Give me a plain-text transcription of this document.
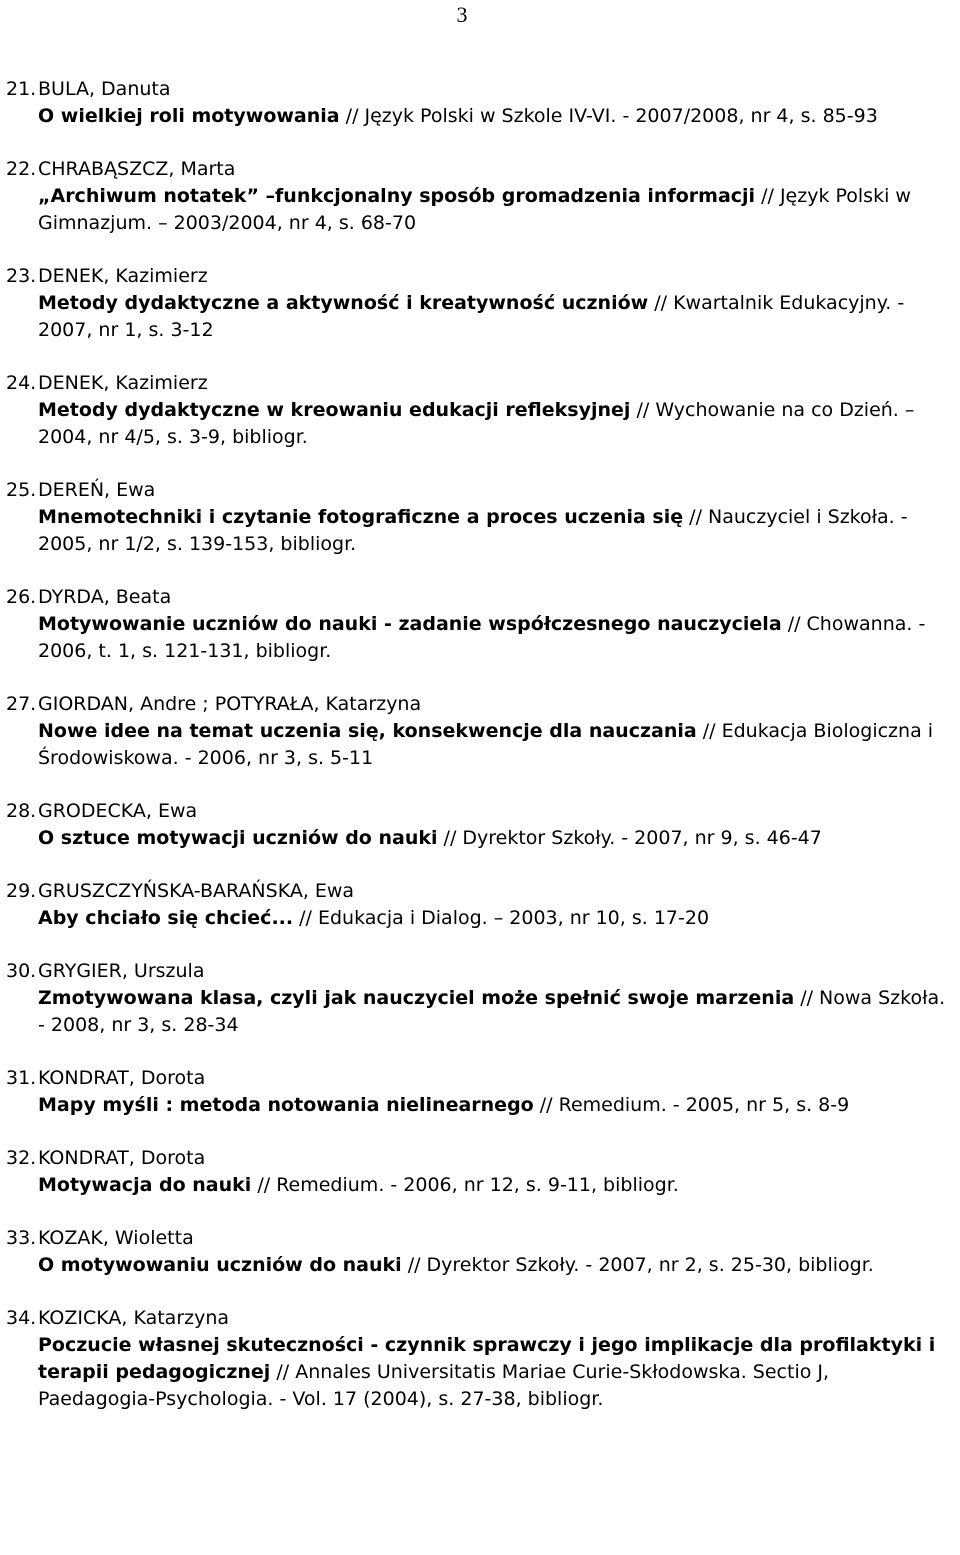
3
21. BULA, Danuta
O wielkiej roli motywowania // Język Polski w Szkole IV-VI. - 2007/2008, nr 4, s. 85-93
22. CHRABĄSZCZ, Marta
„Archiwum notatek” –funkcjonalny sposób gromadzenia informacji // Język Polski w Gimnazjum. – 2003/2004, nr 4, s. 68-70
23. DENEK, Kazimierz
Metody dydaktyczne a aktywność i kreatywność uczniów // Kwartalnik Edukacyjny. - 2007, nr 1, s. 3-12
24. DENEK, Kazimierz
Metody dydaktyczne w kreowaniu edukacji refleksyjnej // Wychowanie na co Dzień. – 2004, nr 4/5, s. 3-9, bibliogr.
25. DEREŃ, Ewa
Mnemotechniki i czytanie fotograficzne a proces uczenia się // Nauczyciel i Szkoła. - 2005, nr 1/2, s. 139-153, bibliogr.
26. DYRDA, Beata
Motywowanie uczniów do nauki - zadanie współczesnego nauczyciela // Chowanna. - 2006, t. 1, s. 121-131, bibliogr.
27. GIORDAN, Andre ; POTYRAŁA, Katarzyna
Nowe idee na temat uczenia się, konsekwencje dla nauczania // Edukacja Biologiczna i Środowiskowa. - 2006, nr 3, s. 5-11
28. GRODECKA, Ewa
O sztuce motywacji uczniów do nauki // Dyrektor Szkoły. - 2007, nr 9, s. 46-47
29. GRUSZCZYŃSKA-BARAŃSKA, Ewa
Aby chciało się chcieć... // Edukacja i Dialog. – 2003, nr 10, s. 17-20
30. GRYGIER, Urszula
Zmotywowana klasa, czyli jak nauczyciel może spełnić swoje marzenia // Nowa Szkoła. - 2008, nr 3, s. 28-34
31. KONDRAT, Dorota
Mapy myśli : metoda notowania nielinearnego // Remedium. - 2005, nr 5, s. 8-9
32. KONDRAT, Dorota
Motywacja do nauki // Remedium. - 2006, nr 12, s. 9-11, bibliogr.
33. KOZAK, Wioletta
O motywowaniu uczniów do nauki // Dyrektor Szkoły. - 2007, nr 2, s. 25-30, bibliogr.
34. KOZICKA, Katarzyna
Poczucie własnej skuteczności - czynnik sprawczy i jego implikacje dla profilaktyki i terapii pedagogicznej // Annales Universitatis Mariae Curie-Skłodowska. Sectio J, Paedagogia-Psychologia. - Vol. 17 (2004), s. 27-38, bibliogr.
